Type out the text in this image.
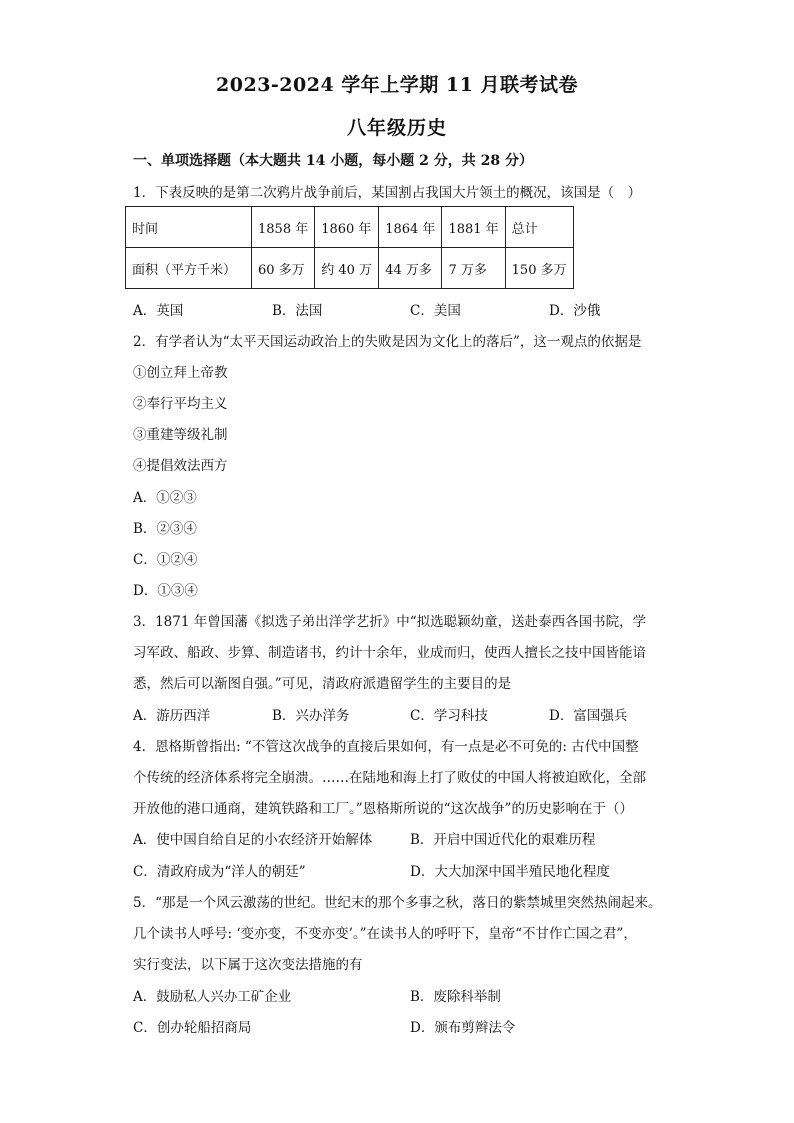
2023-2024 学年上学期 11 月联考试卷
八年级历史
一、单项选择题（本大题共 14 小题，每小题 2 分，共 28 分）
1．下表反映的是第二次鸦片战争前后，某国割占我国大片领土的概况，该国是（　）
时间	1858 年	1860 年	1864 年	1881 年	总计
面积（平方千米）	60 多万	约 40 万	44 万多	7 万多	150 多万
A．英国	B．法国	C．美国	D．沙俄
2．有学者认为“太平天国运动政治上的失败是因为文化上的落后”，这一观点的依据是
①创立拜上帝教
②奉行平均主义
③重建等级礼制
④提倡效法西方
A．①②③
B．②③④
C．①②④
D．①③④
3．1871 年曾国藩《拟选子弟出洋学艺折》中“拟选聪颖幼童，送赴泰西各国书院，学
习军政、船政、步算、制造诸书，约计十余年，业成而归，使西人擅长之技中国皆能谙
悉，然后可以渐图自强。”可见，清政府派遣留学生的主要目的是
A．游历西洋	B．兴办洋务	C．学习科技	D．富国强兵
4．恩格斯曾指出: “不管这次战争的直接后果如何，有一点是必不可免的: 古代中国整
个传统的经济体系将完全崩溃。……在陆地和海上打了败仗的中国人将被迫欧化，全部
开放他的港口通商，建筑铁路和工厂。”恩格斯所说的“这次战争”的历史影响在于（）
A．使中国自给自足的小农经济开始解体	B．开启中国近代化的艰难历程
C．清政府成为“洋人的朝廷”	D．大大加深中国半殖民地化程度
5．“那是一个风云激荡的世纪。世纪末的那个多事之秋，落日的紫禁城里突然热闹起来。
几个读书人呼号: ‘变亦变，不变亦变’。”在读书人的呼吁下，皇帝“不甘作亡国之君”，
实行变法，以下属于这次变法措施的有
A．鼓励私人兴办工矿企业	B．废除科举制
C．创办轮船招商局	D．颁布剪辫法令
